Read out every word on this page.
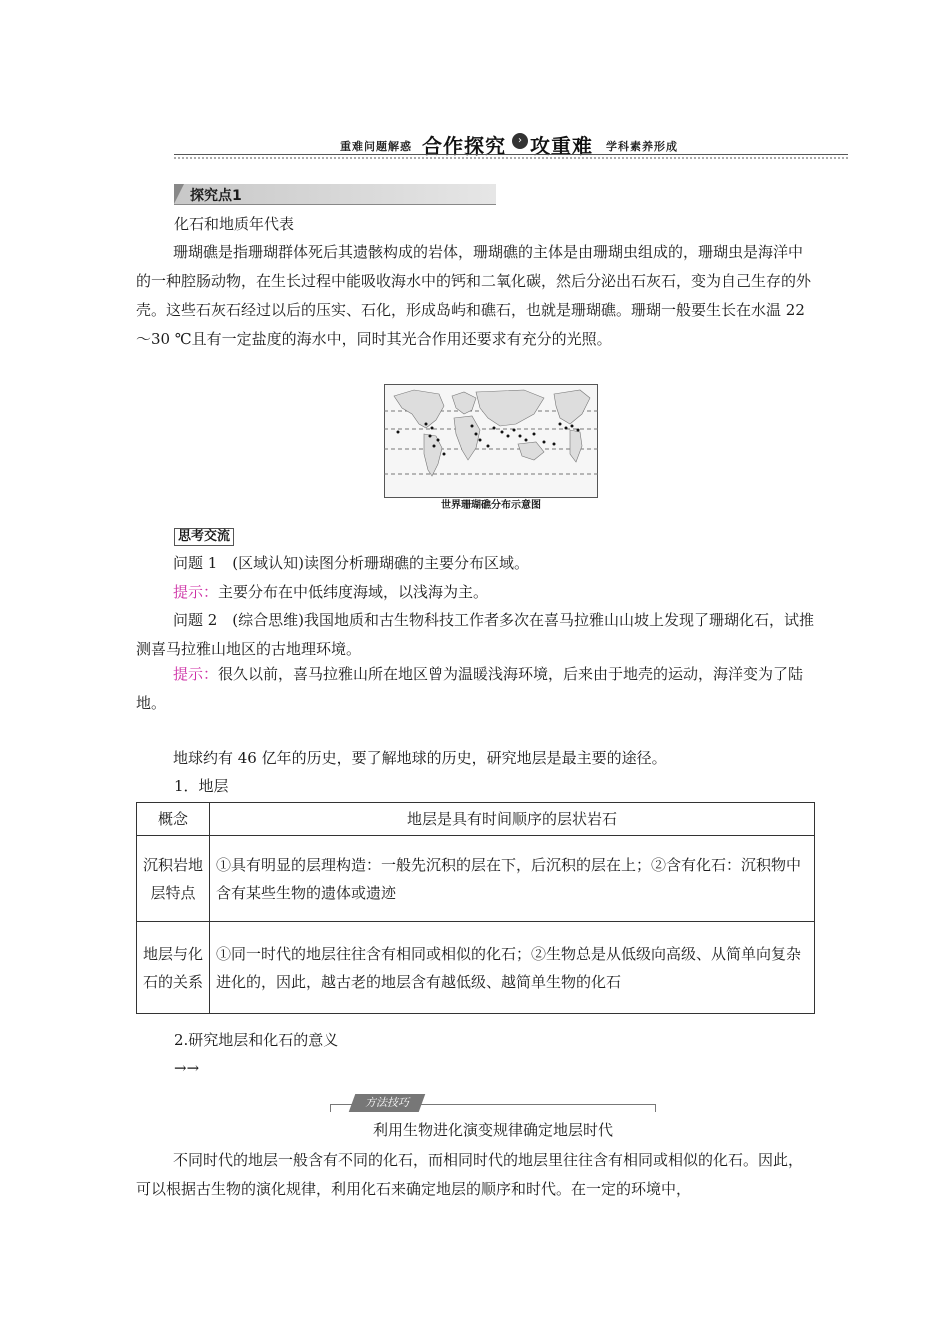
重难问题解惑 合作探究	› 攻重难 学科素养形成
探究点1

化石和地质年代表

珊瑚礁是指珊瑚群体死后其遗骸构成的岩体，珊瑚礁的主体是由珊瑚虫组成的，珊瑚虫是海洋中的一种腔肠动物，在生长过程中能吸收海水中的钙和二氧化碳，然后分泌出石灰石，变为自己生存的外壳。这些石灰石经过以后的压实、石化，形成岛屿和礁石，也就是珊瑚礁。珊瑚一般要生长在水温 22～30 ℃且有一定盐度的海水中，同时其光合作用还要求有充分的光照。

世界珊瑚礁分布示意图

思考交流

问题 1　(区域认知)读图分析珊瑚礁的主要分布区域。

提示：主要分布在中低纬度海域，以浅海为主。

问题 2　(综合思维)我国地质和古生物科技工作者多次在喜马拉雅山山坡上发现了珊瑚化石，试推测喜马拉雅山地区的古地理环境。

提示：很久以前，喜马拉雅山所在地区曾为温暖浅海环境，后来由于地壳的运动，海洋变为了陆地。

地球约有 46 亿年的历史，要了解地球的历史，研究地层是最主要的途径。

1．地层

概念	地层是具有时间顺序的层状岩石
沉积岩地层特点	①具有明显的层理构造：一般先沉积的层在下，后沉积的层在上；②含有化石：沉积物中含有某些生物的遗体或遗迹
地层与化石的关系	①同一时代的地层往往含有相同或相似的化石；②生物总是从低级向高级、从简单向复杂进化的，因此，越古老的地层含有越低级、越简单生物的化石

2.研究地层和化石的意义

→→

方法技巧

利用生物进化演变规律确定地层时代

不同时代的地层一般含有不同的化石，而相同时代的地层里往往含有相同或相似的化石。因此，可以根据古生物的演化规律，利用化石来确定地层的顺序和时代。在一定的环境中，
